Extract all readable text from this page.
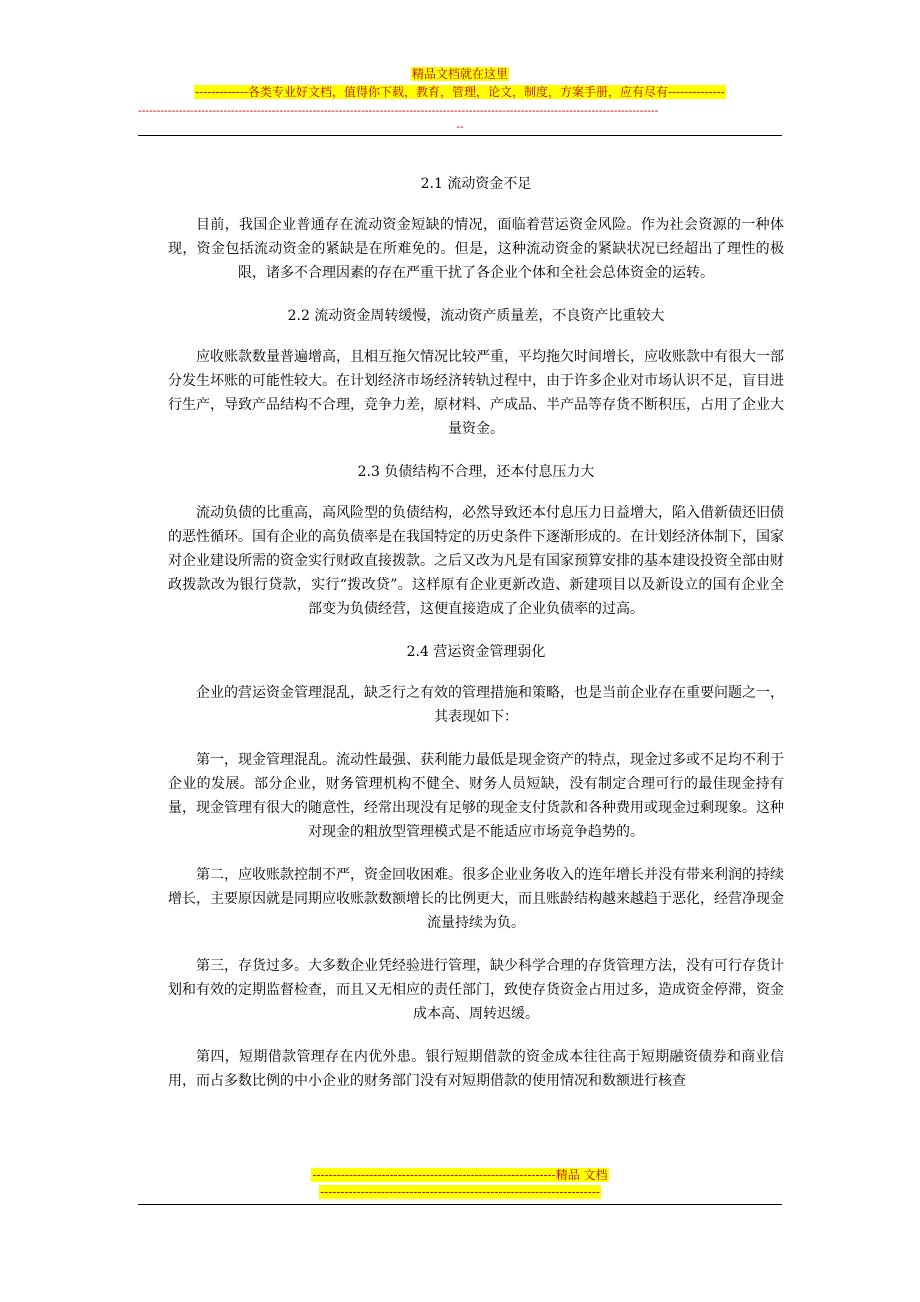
精品文档就在这里
-------------各类专业好文档，值得你下载，教育，管理，论文，制度，方案手册，应有尽有--------------
--------------------------------------------------------------------------------------------------------------------------------------------
--
2.1 流动资金不足

目前，我国企业普通存在流动资金短缺的情况，面临着营运资金风险。作为社会资源的一种体现，资金包括流动资金的紧缺是在所难免的。但是，这种流动资金的紧缺状况已经超出了理性的极限，诸多不合理因素的存在严重干扰了各企业个体和全社会总体资金的运转。

2.2 流动资金周转缓慢，流动资产质量差，不良资产比重较大

应收账款数量普遍增高，且相互拖欠情况比较严重，平均拖欠时间增长，应收账款中有很大一部分发生坏账的可能性较大。在计划经济市场经济转轨过程中，由于许多企业对市场认识不足，盲目进行生产，导致产品结构不合理，竞争力差，原材料、产成品、半产品等存货不断积压，占用了企业大量资金。

2.3 负债结构不合理，还本付息压力大

流动负债的比重高，高风险型的负债结构，必然导致还本付息压力日益增大，陷入借新债还旧债的恶性循环。国有企业的高负债率是在我国特定的历史条件下逐渐形成的。在计划经济体制下，国家对企业建设所需的资金实行财政直接拨款。之后又改为凡是有国家预算安排的基本建设投资全部由财政拨款改为银行贷款，实行“拨改贷”。这样原有企业更新改造、新建项目以及新设立的国有企业全部变为负债经营，这便直接造成了企业负债率的过高。

2.4 营运资金管理弱化

企业的营运资金管理混乱，缺乏行之有效的管理措施和策略，也是当前企业存在重要问题之一，其表现如下：

第一，现金管理混乱。流动性最强、获利能力最低是现金资产的特点，现金过多或不足均不利于企业的发展。部分企业，财务管理机构不健全、财务人员短缺，没有制定合理可行的最佳现金持有量，现金管理有很大的随意性，经常出现没有足够的现金支付货款和各种费用或现金过剩现象。这种对现金的粗放型管理模式是不能适应市场竞争趋势的。

第二，应收账款控制不严，资金回收困难。很多企业业务收入的连年增长并没有带来利润的持续增长，主要原因就是同期应收账款数额增长的比例更大，而且账龄结构越来越趋于恶化，经营净现金流量持续为负。

第三，存货过多。大多数企业凭经验进行管理，缺少科学合理的存货管理方法，没有可行存货计划和有效的定期监督检查，而且又无相应的责任部门，致使存货资金占用过多，造成资金停滞，资金成本高、周转迟缓。

第四，短期借款管理存在内优外患。银行短期借款的资金成本往往高于短期融资债券和商业信用，而占多数比例的中小企业的财务部门没有对短期借款的使用情况和数额进行核查

------------------------------------------------------------精品 文档
---------------------------------------------------------------------
